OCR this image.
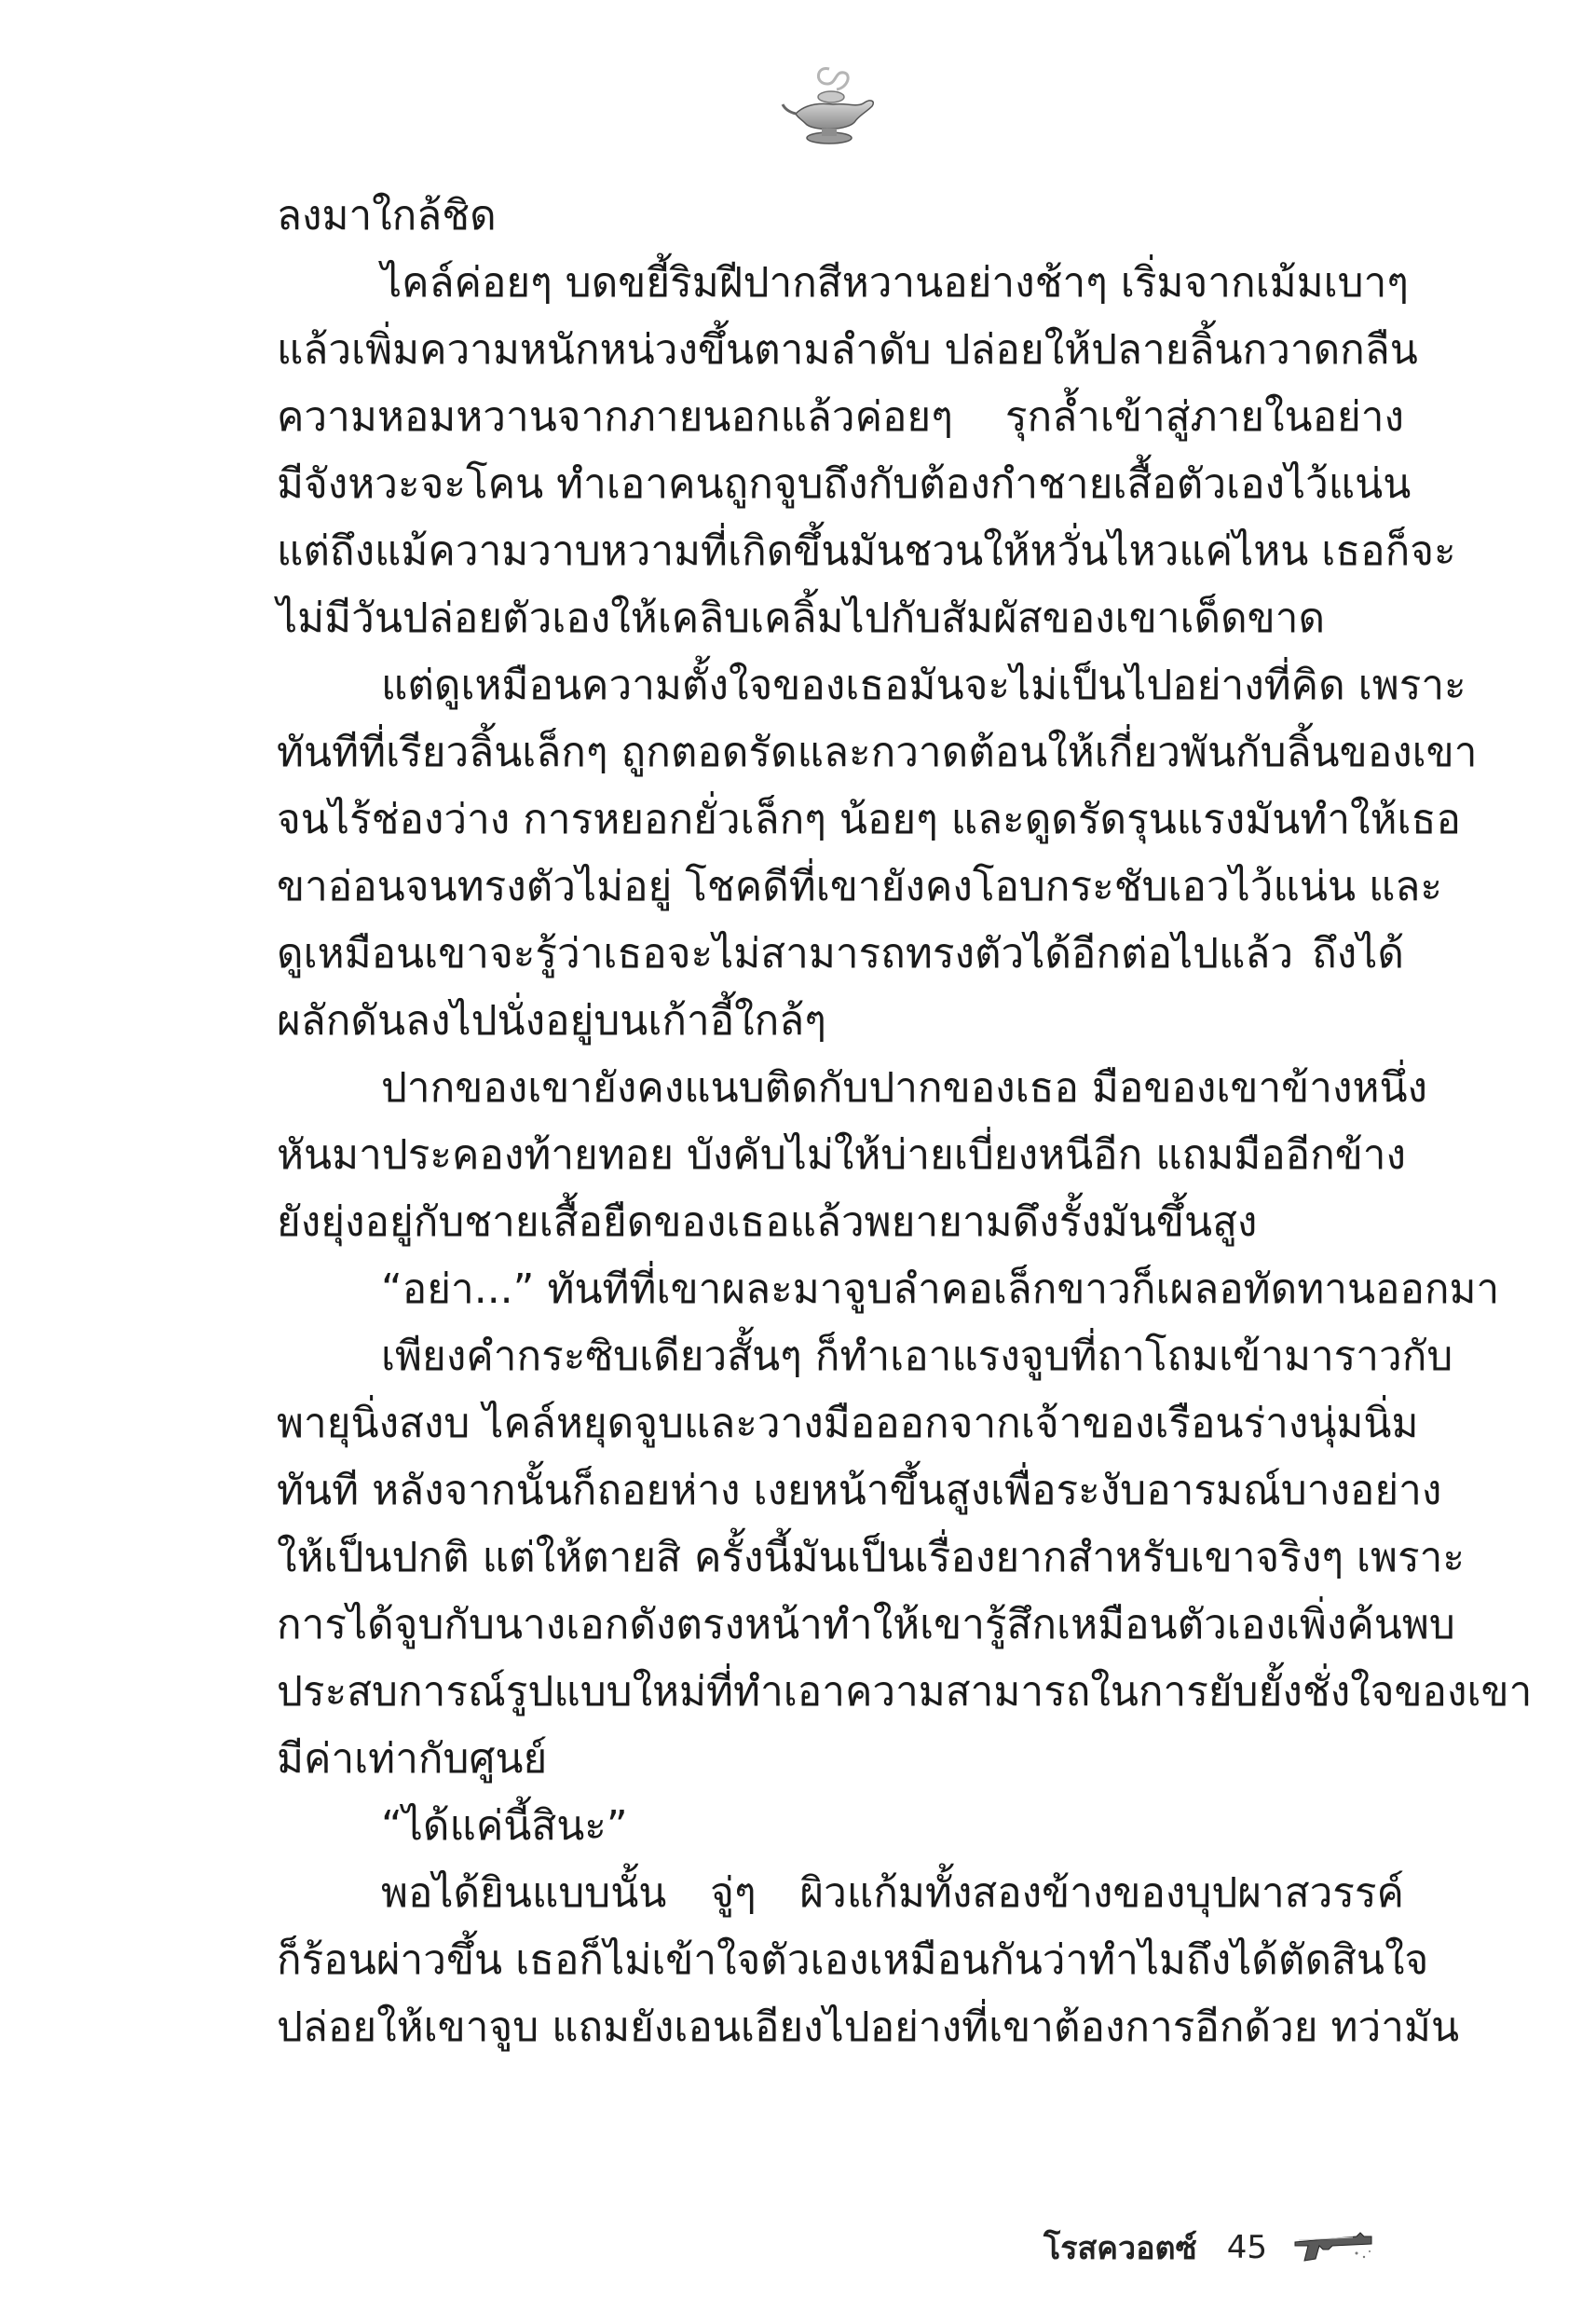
ลงมาใกล้ชิด
ไคล์ค่อยๆ บดขยี้ริมฝีปากสีหวานอย่างช้าๆ เริ่มจากเม้มเบาๆ
แล้วเพิ่มความหนักหน่วงขึ้นตามลำดับ ปล่อยให้ปลายลิ้นกวาดกลืน
ความหอมหวานจากภายนอกแล้วค่อยๆ รุกล้ำเข้าสู่ภายในอย่าง
มีจังหวะจะโคน ทำเอาคนถูกจูบถึงกับต้องกำชายเสื้อตัวเองไว้แน่น
แต่ถึงแม้ความวาบหวามที่เกิดขึ้นมันชวนให้หวั่นไหวแค่ไหน เธอก็จะ
ไม่มีวันปล่อยตัวเองให้เคลิบเคลิ้มไปกับสัมผัสของเขาเด็ดขาด
แต่ดูเหมือนความตั้งใจของเธอมันจะไม่เป็นไปอย่างที่คิด เพราะ
ทันทีที่เรียวลิ้นเล็กๆ ถูกตอดรัดและกวาดต้อนให้เกี่ยวพันกับลิ้นของเขา
จนไร้ช่องว่าง การหยอกยั่วเล็กๆ น้อยๆ และดูดรัดรุนแรงมันทำให้เธอ
ขาอ่อนจนทรงตัวไม่อยู่ โชคดีที่เขายังคงโอบกระชับเอวไว้แน่น และ
ดูเหมือนเขาจะรู้ว่าเธอจะไม่สามารถทรงตัวได้อีกต่อไปแล้ว ถึงได้
ผลักดันลงไปนั่งอยู่บนเก้าอี้ใกล้ๆ
ปากของเขายังคงแนบติดกับปากของเธอ มือของเขาข้างหนึ่ง
หันมาประคองท้ายทอย บังคับไม่ให้บ่ายเบี่ยงหนีอีก แถมมืออีกข้าง
ยังยุ่งอยู่กับชายเสื้อยืดของเธอแล้วพยายามดึงรั้งมันขึ้นสูง
“อย่า...” ทันทีที่เขาผละมาจูบลำคอเล็กขาวก็เผลอทัดทานออกมา
เพียงคำกระซิบเดียวสั้นๆ ก็ทำเอาแรงจูบที่ถาโถมเข้ามาราวกับ
พายุนิ่งสงบ ไคล์หยุดจูบและวางมือออกจากเจ้าของเรือนร่างนุ่มนิ่ม
ทันที หลังจากนั้นก็ถอยห่าง เงยหน้าขึ้นสูงเพื่อระงับอารมณ์บางอย่าง
ให้เป็นปกติ แต่ให้ตายสิ ครั้งนี้มันเป็นเรื่องยากสำหรับเขาจริงๆ เพราะ
การได้จูบกับนางเอกดังตรงหน้าทำให้เขารู้สึกเหมือนตัวเองเพิ่งค้นพบ
ประสบการณ์รูปแบบใหม่ที่ทำเอาความสามารถในการยับยั้งชั่งใจของเขา
มีค่าเท่ากับศูนย์
“ได้แค่นี้สินะ”
พอได้ยินแบบนั้น จู่ๆ ผิวแก้มทั้งสองข้างของบุปผาสวรรค์
ก็ร้อนผ่าวขึ้น เธอก็ไม่เข้าใจตัวเองเหมือนกันว่าทำไมถึงได้ตัดสินใจ
ปล่อยให้เขาจูบ แถมยังเอนเอียงไปอย่างที่เขาต้องการอีกด้วย ทว่ามัน
โรสควอตซ์ 45
